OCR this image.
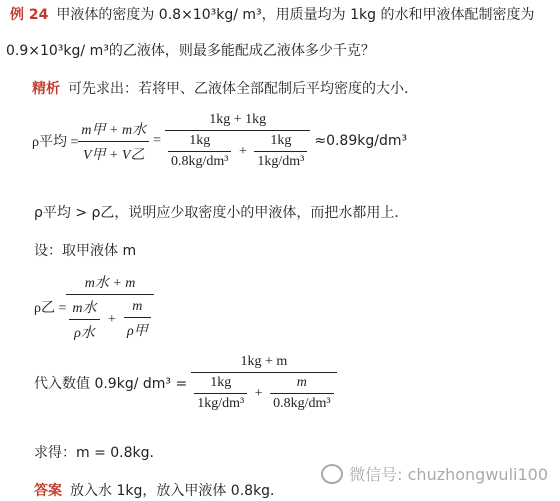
例 24 甲液体的密度为 0.8×10³kg/ m³，用质量均为 1kg 的水和甲液体配制密度为
0.9×10³kg/ m³的乙液体，则最多能配成乙液体多少千克？
精析 可先求出：若将甲、乙液体全部配制后平均密度的大小．
ρ平均 = $\frac{\text{m甲 + m水}}{\text{V甲 + V乙}}$ =
1kg + 1kg
$\frac{1kg}{\text{0.8kg/dm³}} + \frac{1kg}{\text{1kg/dm³}} \approx 0.89kg/dm^3$
ρ平均 > ρ乙，说明应少取密度小的甲液体，而把水都用上．
设：取甲液体 m
ρ乙 = $\frac{\text{m水 + m}}{\frac{\text{m水}}{\text{ρ水}} + \frac{m}{\text{ρ甲}}}$
代入数值 0.9kg/ dm³ =
1kg + m
$\frac{1kg}{\text{1kg/dm³}} + \frac{m}{\text{0.8kg/dm³}}$
求得：m = 0.8kg．
答案 放入水 1kg，放入甲液体 0.8kg．
微信号: chuzhongwuli100
